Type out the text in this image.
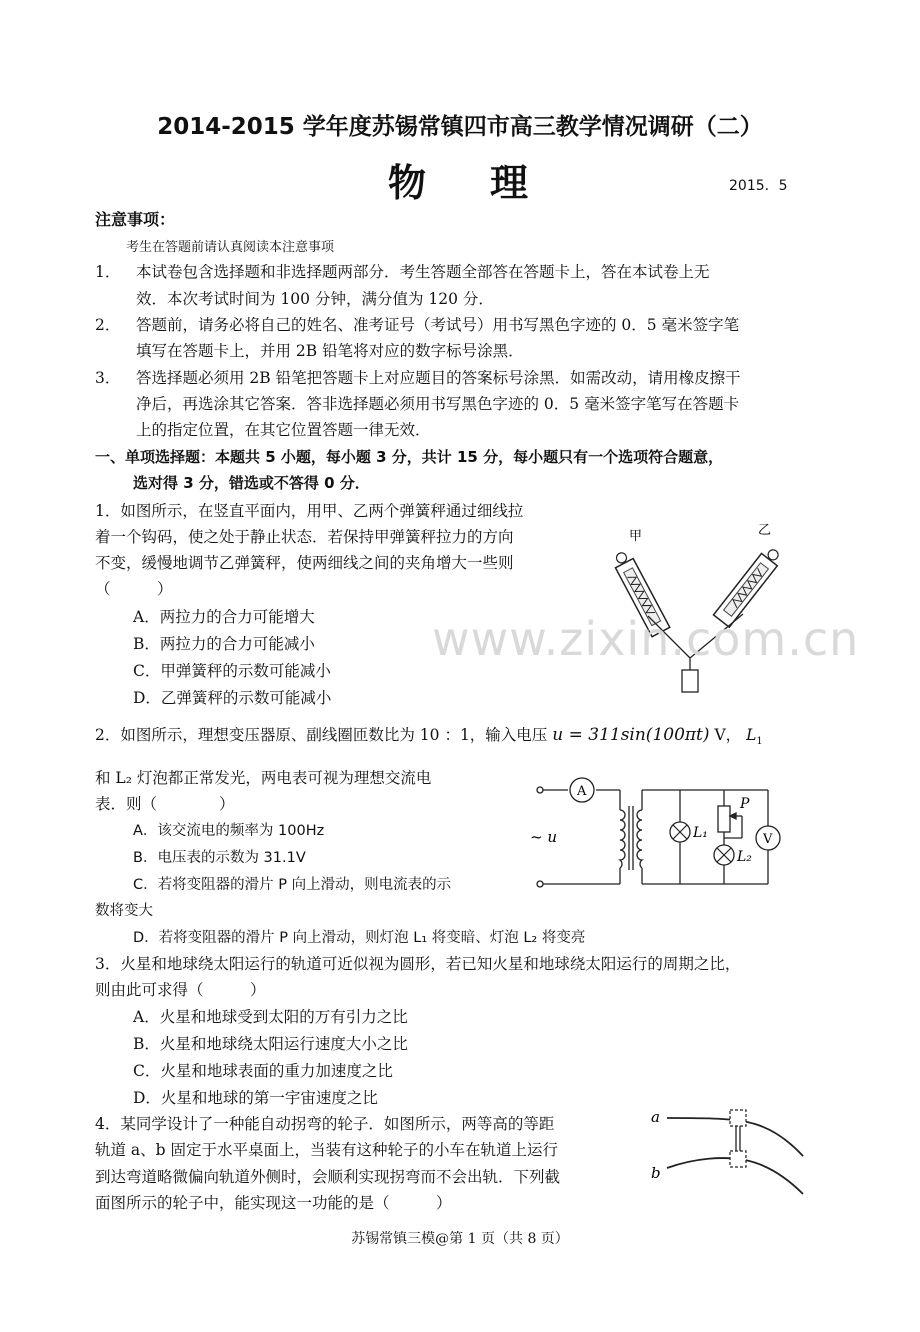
2014-2015 学年度苏锡常镇四市高三教学情况调研（二）
物理	2015．5
注意事项：
考生在答题前请认真阅读本注意事项
1． 本试卷包含选择题和非选择题两部分．考生答题全部答在答题卡上，答在本试卷上无
效．本次考试时间为 100 分钟，满分值为 120 分．
2． 答题前，请务必将自己的姓名、准考证号（考试号）用书写黑色字迹的 0．5 毫米签字笔
填写在答题卡上，并用 2B 铅笔将对应的数字标号涂黑．
3． 答选择题必须用 2B 铅笔把答题卡上对应题目的答案标号涂黑．如需改动，请用橡皮擦干
净后，再选涂其它答案．答非选择题必须用书写黑色字迹的 0．5 毫米签字笔写在答题卡
上的指定位置，在其它位置答题一律无效．
一、单项选择题：本题共 5 小题，每小题 3 分，共计 15 分，每小题只有一个选项符合题意，
选对得 3 分，错选或不答得 0 分．
1．如图所示，在竖直平面内，用甲、乙两个弹簧秤通过细线拉
着一个钩码，使之处于静止状态．若保持甲弹簧秤拉力的方向
不变，缓慢地调节乙弹簧秤，使两细线之间的夹角增大一些则
（　　　）
A．两拉力的合力可能增大
B．两拉力的合力可能减小
C．甲弹簧秤的示数可能减小
D．乙弹簧秤的示数可能减小
甲	乙
www.zixin.com.cn
2．如图所示，理想变压器原、副线圈匝数比为 10 ：1，输入电压 u = 311sin(100πt) V， $L_1$
和 L₂ 灯泡都正常发光，两电表可视为理想交流电
表．则（　　　　）
A．该交流电的频率为 100Hz
B．电压表的示数为 31.1V
C．若将变阻器的滑片 P 向上滑动，则电流表的示
数将变大
D．若将变阻器的滑片 P 向上滑动，则灯泡 L₁ 将变暗、灯泡 L₂ 将变亮
A
~ u	L₁
L₂
P
V
3．火星和地球绕太阳运行的轨道可近似视为圆形，若已知火星和地球绕太阳运行的周期之比，
则由此可求得（　　　）
A．火星和地球受到太阳的万有引力之比
B．火星和地球绕太阳运行速度大小之比
C．火星和地球表面的重力加速度之比
D．火星和地球的第一宇宙速度之比
4．某同学设计了一种能自动拐弯的轮子．如图所示，两等高的等距
轨道 a、b 固定于水平桌面上，当装有这种轮子的小车在轨道上运行
到达弯道略微偏向轨道外侧时，会顺利实现拐弯而不会出轨．下列截
面图所示的轮子中，能实现这一功能的是（　　　）
a
b
苏锡常镇三模@第 1 页（共 8 页）
